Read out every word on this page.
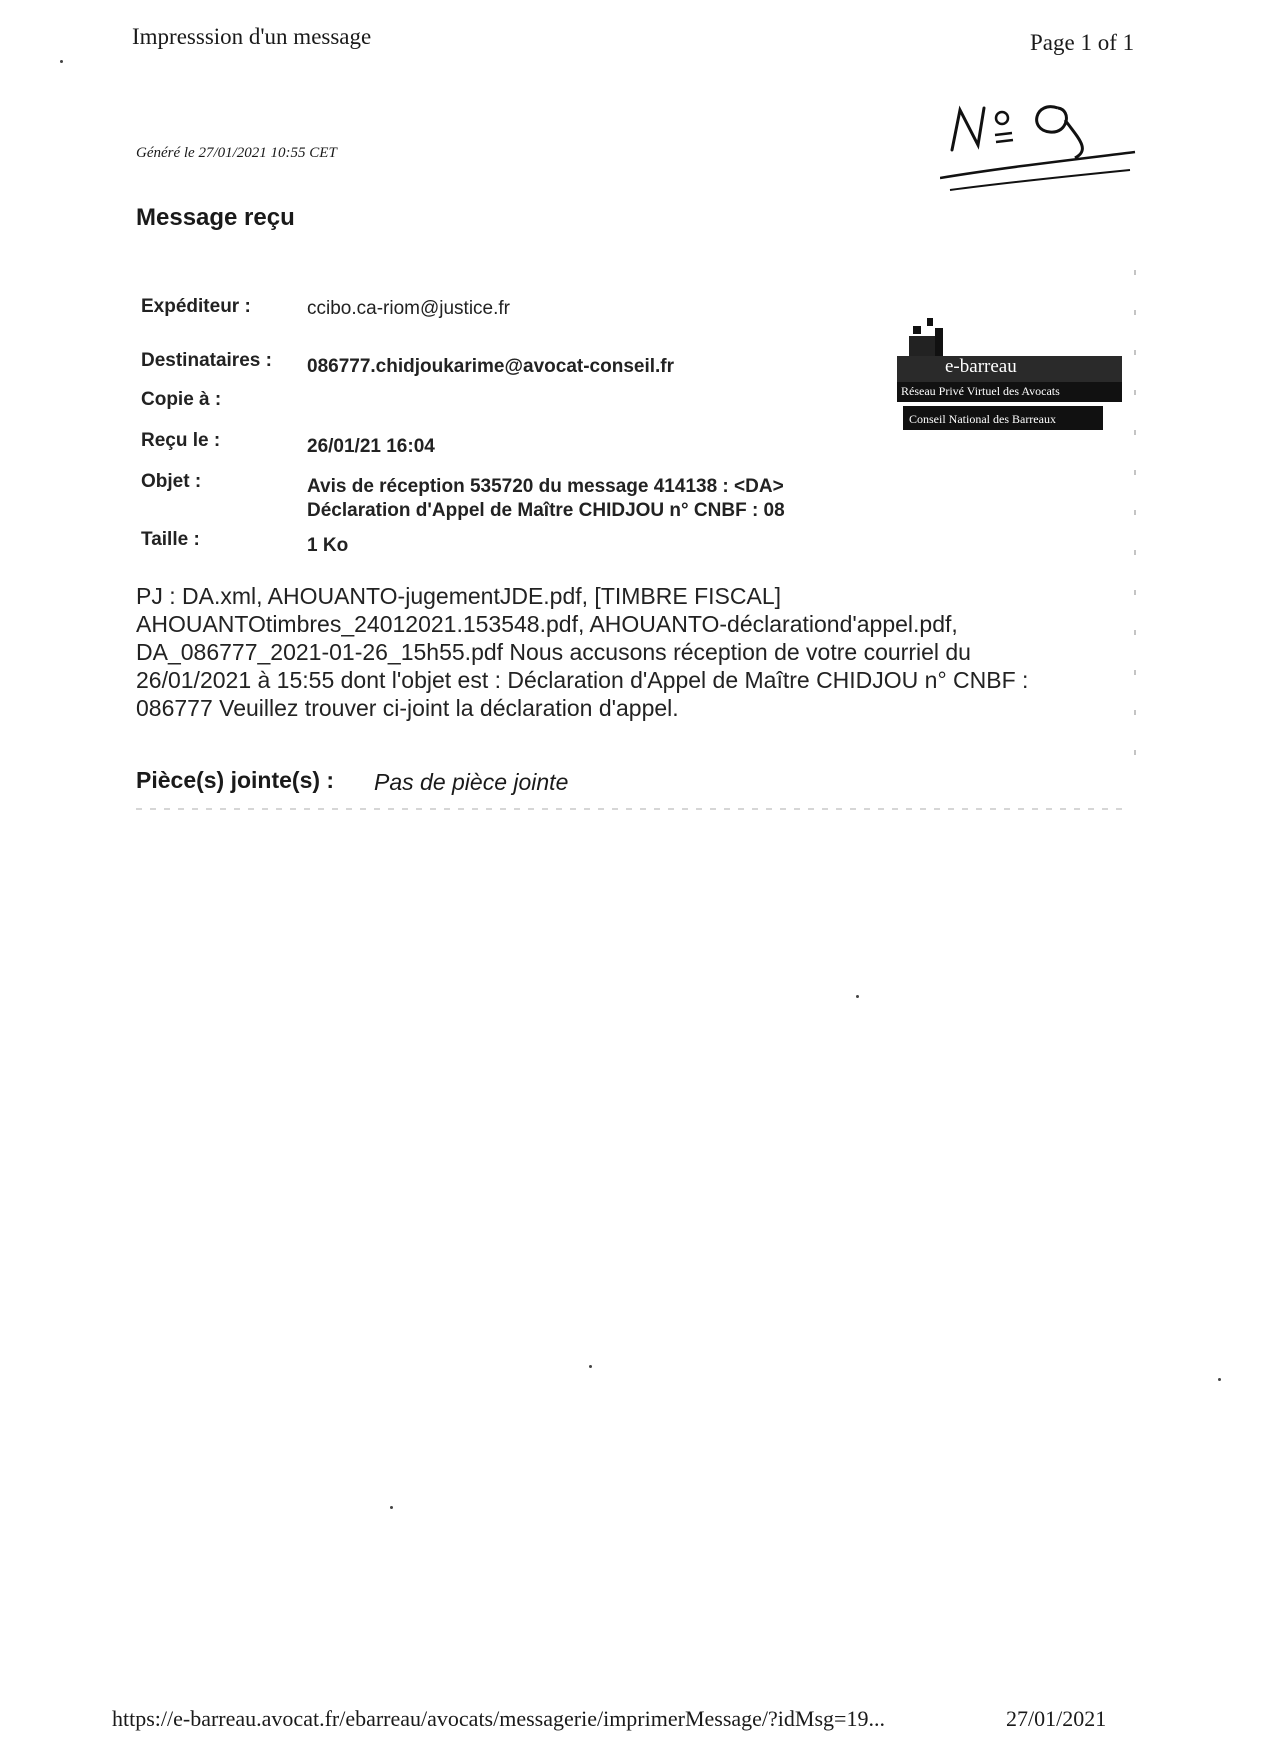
Impresssion d'un message	Page 1 of 1
Généré le 27/01/2021 10:55 CET
Message reçu
Expéditeur :	ccibo.ca-riom@justice.fr
Destinataires : 086777.chidjoukarime@avocat-conseil.fr
Copie à :
Reçu le :	26/01/21 16:04
Objet :	Avis de réception 535720 du message 414138 : <DA>
Déclaration d'Appel de Maître CHIDJOU n° CNBF : 08
Taille :	1 Ko
e-barreau
Réseau Privé Virtuel des Avocats
Conseil National des Barreaux
PJ : DA.xml, AHOUANTO-jugementJDE.pdf, [TIMBRE FISCAL]
AHOUANTOtimbres_24012021.153548.pdf, AHOUANTO-déclarationd'appel.pdf,
DA_086777_2021-01-26_15h55.pdf Nous accusons réception de votre courriel du
26/01/2021 à 15:55 dont l'objet est : Déclaration d'Appel de Maître CHIDJOU n° CNBF :
086777 Veuillez trouver ci-joint la déclaration d'appel.
Pièce(s) jointe(s) : Pas de pièce jointe
https://e-barreau.avocat.fr/ebarreau/avocats/messagerie/imprimerMessage/?idMsg=19...	27/01/2021
